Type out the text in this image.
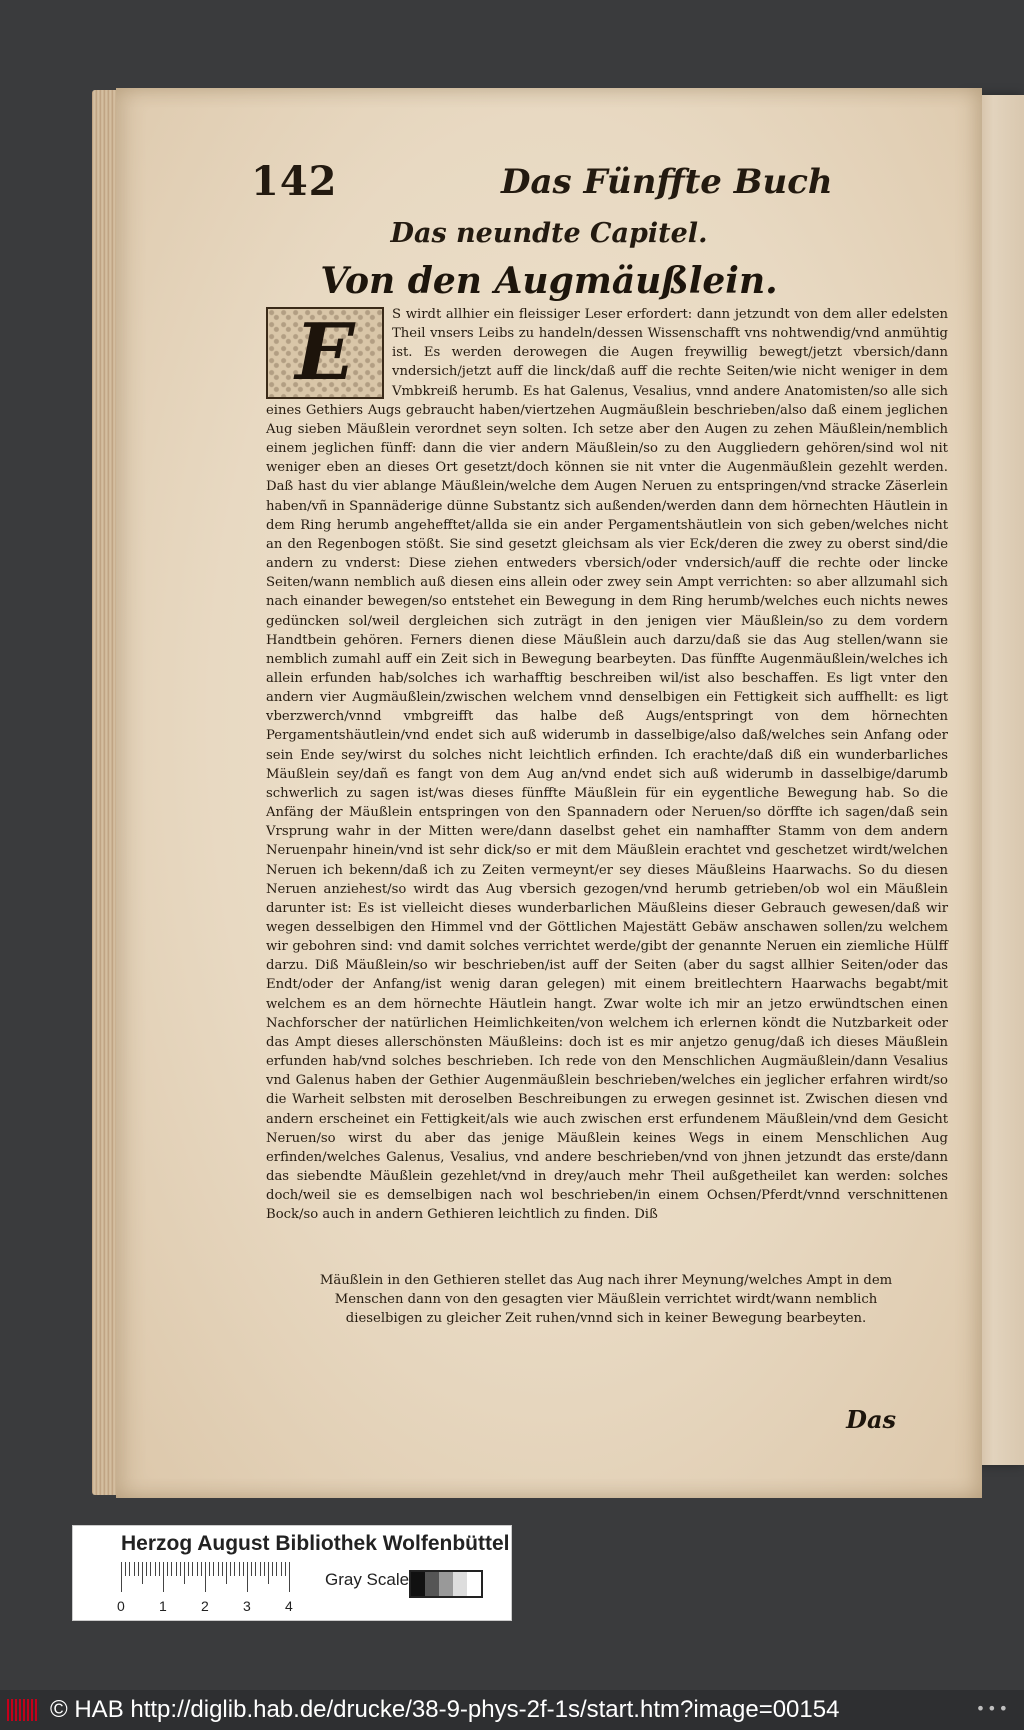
142	Das Fünffte Buch
Das neundte Capitel.
Von den Augmäußlein.
E	S wirdt allhier ein fleissiger Leser erfordert: dann jetzundt von dem aller edelsten Theil vnsers Leibs zu handeln/dessen Wissenschafft vns nohtwendig/vnd anmühtig ist. Es werden derowegen die Augen freywillig bewegt/jetzt vbersich/dann vndersich/jetzt auff die linck/daß auff die rechte Seiten/wie nicht weniger in dem Vmbkreiß herumb. Es hat Galenus, Vesalius, vnnd andere Anatomisten/so alle sich eines Gethiers Augs gebraucht haben/viertzehen Augmäußlein beschrieben/also daß einem jeglichen Aug sieben Mäußlein verordnet seyn solten. Ich setze aber den Augen zu zehen Mäußlein/nemblich einem jeglichen fünff: dann die vier andern Mäußlein/so zu den Auggliedern gehören/sind wol nit weniger eben an dieses Ort gesetzt/doch können sie nit vnter die Augenmäußlein gezehlt werden. Daß hast du vier ablange Mäußlein/welche dem Augen Neruen zu entspringen/vnd stracke Zäserlein haben/vñ in Spannäderige dünne Substantz sich außenden/werden dann dem hörnechten Häutlein in dem Ring herumb angehefftet/allda sie ein ander Pergamentshäutlein von sich geben/welches nicht an den Regenbogen stößt. Sie sind gesetzt gleichsam als vier Eck/deren die zwey zu oberst sind/die andern zu vnderst: Diese ziehen entweders vbersich/oder vndersich/auff die rechte oder lincke Seiten/wann nemblich auß diesen eins allein oder zwey sein Ampt verrichten: so aber allzumahl sich nach einander bewegen/so entstehet ein Bewegung in dem Ring herumb/welches euch nichts newes gedüncken sol/weil dergleichen sich zuträgt in den jenigen vier Mäußlein/so zu dem vordern Handtbein gehören. Ferners dienen diese Mäußlein auch darzu/daß sie das Aug stellen/wann sie nemblich zumahl auff ein Zeit sich in Bewegung bearbeyten. Das fünffte Augenmäußlein/welches ich allein erfunden hab/solches ich warhafftig beschreiben wil/ist also beschaffen. Es ligt vnter den andern vier Augmäußlein/zwischen welchem vnnd denselbigen ein Fettigkeit sich auffhellt: es ligt vberzwerch/vnnd vmbgreifft das halbe deß Augs/entspringt von dem hörnechten Pergamentshäutlein/vnd endet sich auß widerumb in dasselbige/also daß/welches sein Anfang oder sein Ende sey/wirst du solches nicht leichtlich erfinden. Ich erachte/daß diß ein wunderbarliches Mäußlein sey/dañ es fangt von dem Aug an/vnd endet sich auß widerumb in dasselbige/darumb schwerlich zu sagen ist/was dieses fünffte Mäußlein für ein eygentliche Bewegung hab. So die Anfäng der Mäußlein entspringen von den Spannadern oder Neruen/so dörffte ich sagen/daß sein Vrsprung wahr in der Mitten were/dann daselbst gehet ein namhaffter Stamm von dem andern Neruenpahr hinein/vnd ist sehr dick/so er mit dem Mäußlein erachtet vnd geschetzet wirdt/welchen Neruen ich bekenn/daß ich zu Zeiten vermeynt/er sey dieses Mäußleins Haarwachs. So du diesen Neruen anziehest/so wirdt das Aug vbersich gezogen/vnd herumb getrieben/ob wol ein Mäußlein darunter ist: Es ist vielleicht dieses wunderbarlichen Mäußleins dieser Gebrauch gewesen/daß wir wegen desselbigen den Himmel vnd der Göttlichen Majestätt Gebäw anschawen sollen/zu welchem wir gebohren sind: vnd damit solches verrichtet werde/gibt der genannte Neruen ein ziemliche Hülff darzu. Diß Mäußlein/so wir beschrieben/ist auff der Seiten (aber du sagst allhier Seiten/oder das Endt/oder der Anfang/ist wenig daran gelegen) mit einem breitlechtern Haarwachs begabt/mit welchem es an dem hörnechte Häutlein hangt. Zwar wolte ich mir an jetzo erwündtschen einen Nachforscher der natürlichen Heimlichkeiten/von welchem ich erlernen köndt die Nutzbarkeit oder das Ampt dieses allerschönsten Mäußleins: doch ist es mir anjetzo genug/daß ich dieses Mäußlein erfunden hab/vnd solches beschrieben. Ich rede von den Menschlichen Augmäußlein/dann Vesalius vnd Galenus haben der Gethier Augenmäußlein beschrieben/welches ein jeglicher erfahren wirdt/so die Warheit selbsten mit deroselben Beschreibungen zu erwegen gesinnet ist. Zwischen diesen vnd andern erscheinet ein Fettigkeit/als wie auch zwischen erst erfundenem Mäußlein/vnd dem Gesicht Neruen/so wirst du aber das jenige Mäußlein keines Wegs in einem Menschlichen Aug erfinden/welches Galenus, Vesalius, vnd andere beschrieben/vnd von jhnen jetzundt das erste/dann das siebendte Mäußlein gezehlet/vnd in drey/auch mehr Theil außgetheilet kan werden: solches doch/weil sie es demselbigen nach wol beschrieben/in einem Ochsen/Pferdt/vnnd verschnittenen Bock/so auch in andern Gethieren leichtlich zu finden. Diß
Mäußlein in den Gethieren stellet das Aug nach ihrer Meynung/welches Ampt in dem Menschen dann von den gesagten vier Mäußlein verrichtet wirdt/wann nemblich dieselbigen zu gleicher Zeit ruhen/vnnd sich in keiner Bewegung bearbeyten.
Das
Herzog August Bibliothek Wolfenbüttel
0 1 2 3 4
Gray Scale
© HAB http://diglib.hab.de/drucke/38-9-phys-2f-1s/start.htm?image=00154	•••
